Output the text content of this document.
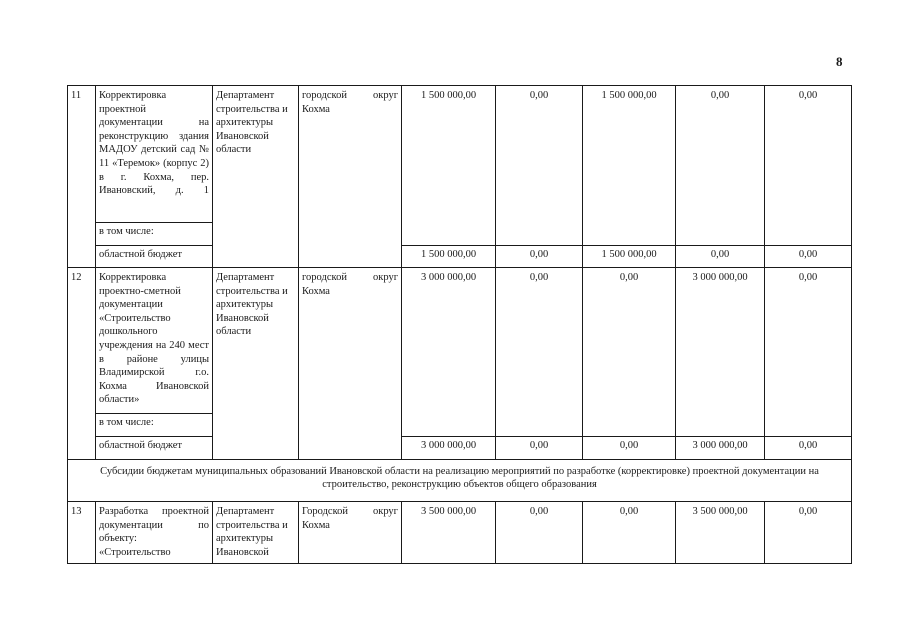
8
11	Корректировка проектной документации на реконструкцию здания МАДОУ детский сад № 11 «Теремок» (корпус 2) в г. Кохма, пер. Ивановский, д. 1	Департамент строительства и архитектуры Ивановской области	городской округ Кохма	1 500 000,00	0,00	1 500 000,00	0,00	0,00
	в том числе:							
	областной бюджет			1 500 000,00	0,00	1 500 000,00	0,00	0,00
12	Корректировка проектно-сметной документации «Строительство дошкольного учреждения на 240 мест в районе улицы Владимирской г.о. Кохма Ивановской области»	Департамент строительства и архитектуры Ивановской области	городской округ Кохма	3 000 000,00	0,00	0,00	3 000 000,00	0,00
	в том числе:							
	областной бюджет			3 000 000,00	0,00	0,00	3 000 000,00	0,00
Субсидии бюджетам муниципальных образований Ивановской области на реализацию мероприятий по разработке (корректировке) проектной документации на строительство, реконструкцию объектов общего образования								
13	Разработка проектной документации по объекту: «Строительство	Департамент строительства и архитектуры Ивановской	Городской округ Кохма	3 500 000,00	0,00	0,00	3 500 000,00	0,00
